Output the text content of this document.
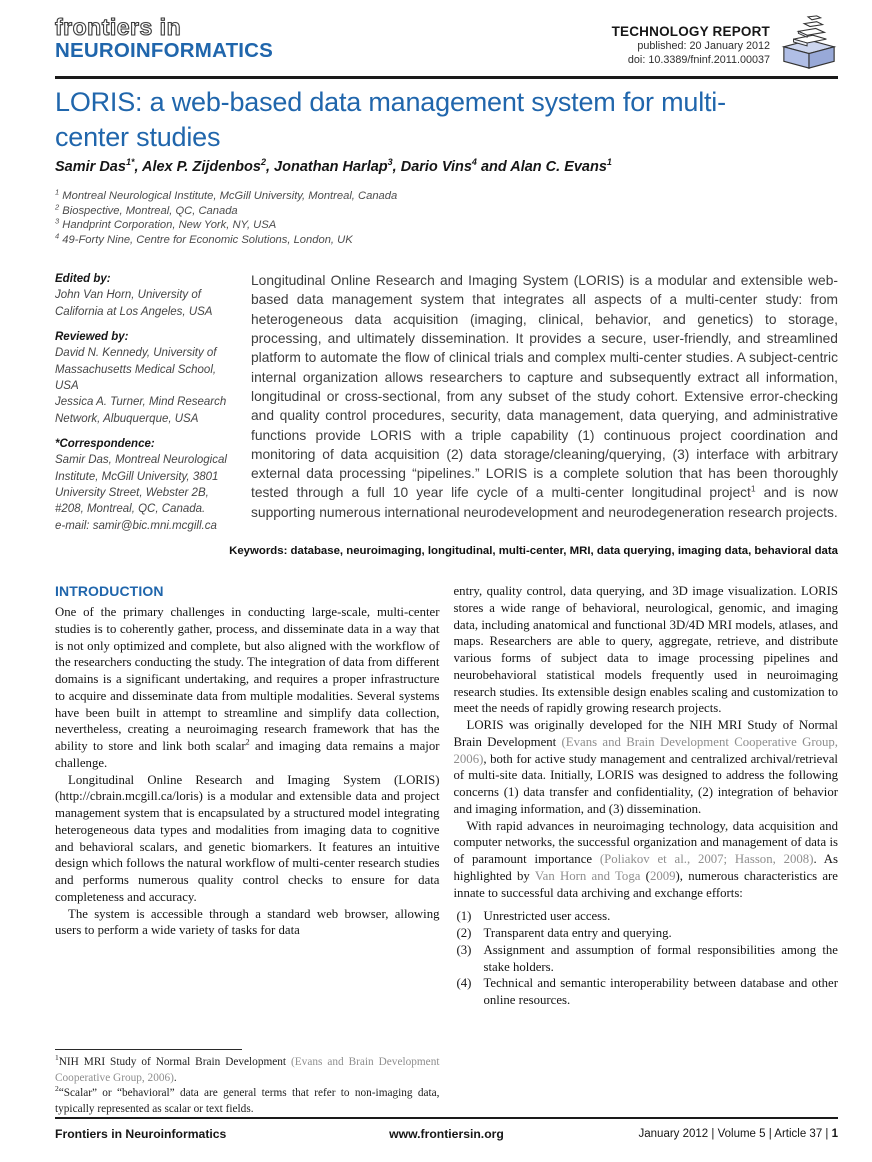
frontiers in
NEUROINFORMATICS
TECHNOLOGY REPORT
published: 20 January 2012
doi: 10.3389/fninf.2011.00037
LORIS: a web-based data management system for multi-center studies
Samir Das$^{1*}$, Alex P. Zijdenbos$^2$, Jonathan Harlap$^3$, Dario Vins$^4$ and Alan C. Evans$^1$
$^1$ Montreal Neurological Institute, McGill University, Montreal, Canada
$^2$ Biospective, Montreal, QC, Canada
$^3$ Handprint Corporation, New York, NY, USA
$^4$ 49-Forty Nine, Centre for Economic Solutions, London, UK
Edited by:
John Van Horn, University of California at Los Angeles, USA
Reviewed by:
David N. Kennedy, University of Massachusetts Medical School, USA
Jessica A. Turner, Mind Research Network, Albuquerque, USA
*Correspondence:
Samir Das, Montreal Neurological Institute, McGill University, 3801 University Street, Webster 2B, #208, Montreal, QC, Canada.
e-mail: samir@bic.mni.mcgill.ca
Longitudinal Online Research and Imaging System (LORIS) is a modular and extensible web-based data management system that integrates all aspects of a multi-center study: from heterogeneous data acquisition (imaging, clinical, behavior, and genetics) to storage, processing, and ultimately dissemination. It provides a secure, user-friendly, and streamlined platform to automate the flow of clinical trials and complex multi-center studies. A subject-centric internal organization allows researchers to capture and subsequently extract all information, longitudinal or cross-sectional, from any subset of the study cohort. Extensive error-checking and quality control procedures, security, data management, data querying, and administrative functions provide LORIS with a triple capability (1) continuous project coordination and monitoring of data acquisition (2) data storage/cleaning/querying, (3) interface with arbitrary external data processing “pipelines.” LORIS is a complete solution that has been thoroughly tested through a full 10 year life cycle of a multi-center longitudinal project$^1$ and is now supporting numerous international neurodevelopment and neurodegeneration research projects.
Keywords: database, neuroimaging, longitudinal, multi-center, MRI, data querying, imaging data, behavioral data
INTRODUCTION

One of the primary challenges in conducting large-scale, multi-center studies is to coherently gather, process, and disseminate data in a way that is not only optimized and complete, but also aligned with the workflow of the researchers conducting the study. The integration of data from different domains is a significant undertaking, and requires a proper infrastructure to acquire and disseminate data from multiple modalities. Several systems have been built in attempt to streamline and simplify data collection, nevertheless, creating a neuroimaging research framework that has the ability to store and link both scalar$^2$ and imaging data remains a major challenge.

Longitudinal Online Research and Imaging System (LORIS) (http://cbrain.mcgill.ca/loris) is a modular and extensible data and project management system that is encapsulated by a structured model integrating heterogeneous data types and modalities from imaging data to cognitive and behavioral scalars, and genetic biomarkers. It features an intuitive design which follows the natural workflow of multi-center research studies and performs numerous quality control checks to ensure for data completeness and accuracy.

The system is accessible through a standard web browser, allowing users to perform a wide variety of tasks for data

$^1$NIH MRI Study of Normal Brain Development (Evans and Brain Development Cooperative Group, 2006).

$^2$“Scalar” or “behavioral” data are general terms that refer to non-imaging data, typically represented as scalar or text fields.

entry, quality control, data querying, and 3D image visualization. LORIS stores a wide range of behavioral, neurological, genomic, and imaging data, including anatomical and functional 3D/4D MRI models, atlases, and maps. Researchers are able to query, aggregate, retrieve, and distribute various forms of subject data to image processing pipelines and neurobehavioral statistical models frequently used in neuroimaging research studies. Its extensible design enables scaling and customization to meet the needs of rapidly growing research projects.

LORIS was originally developed for the NIH MRI Study of Normal Brain Development (Evans and Brain Development Cooperative Group, 2006), both for active study management and centralized archival/retrieval of multi-site data. Initially, LORIS was designed to address the following concerns (1) data transfer and confidentiality, (2) integration of behavior and imaging information, and (3) dissemination.

With rapid advances in neuroimaging technology, data acquisition and computer networks, the successful organization and management of data is of paramount importance (Poliakov et al., 2007; Hasson, 2008). As highlighted by Van Horn and Toga (2009), numerous characteristics are innate to successful data archiving and exchange efforts:

(1) Unrestricted user access.
(2) Transparent data entry and querying.
(3) Assignment and assumption of formal responsibilities among the stake holders.
(4) Technical and semantic interoperability between database and other online resources.
Frontiers in Neuroinformatics	www.frontiersin.org	January 2012 | Volume 5 | Article 37 | 1
